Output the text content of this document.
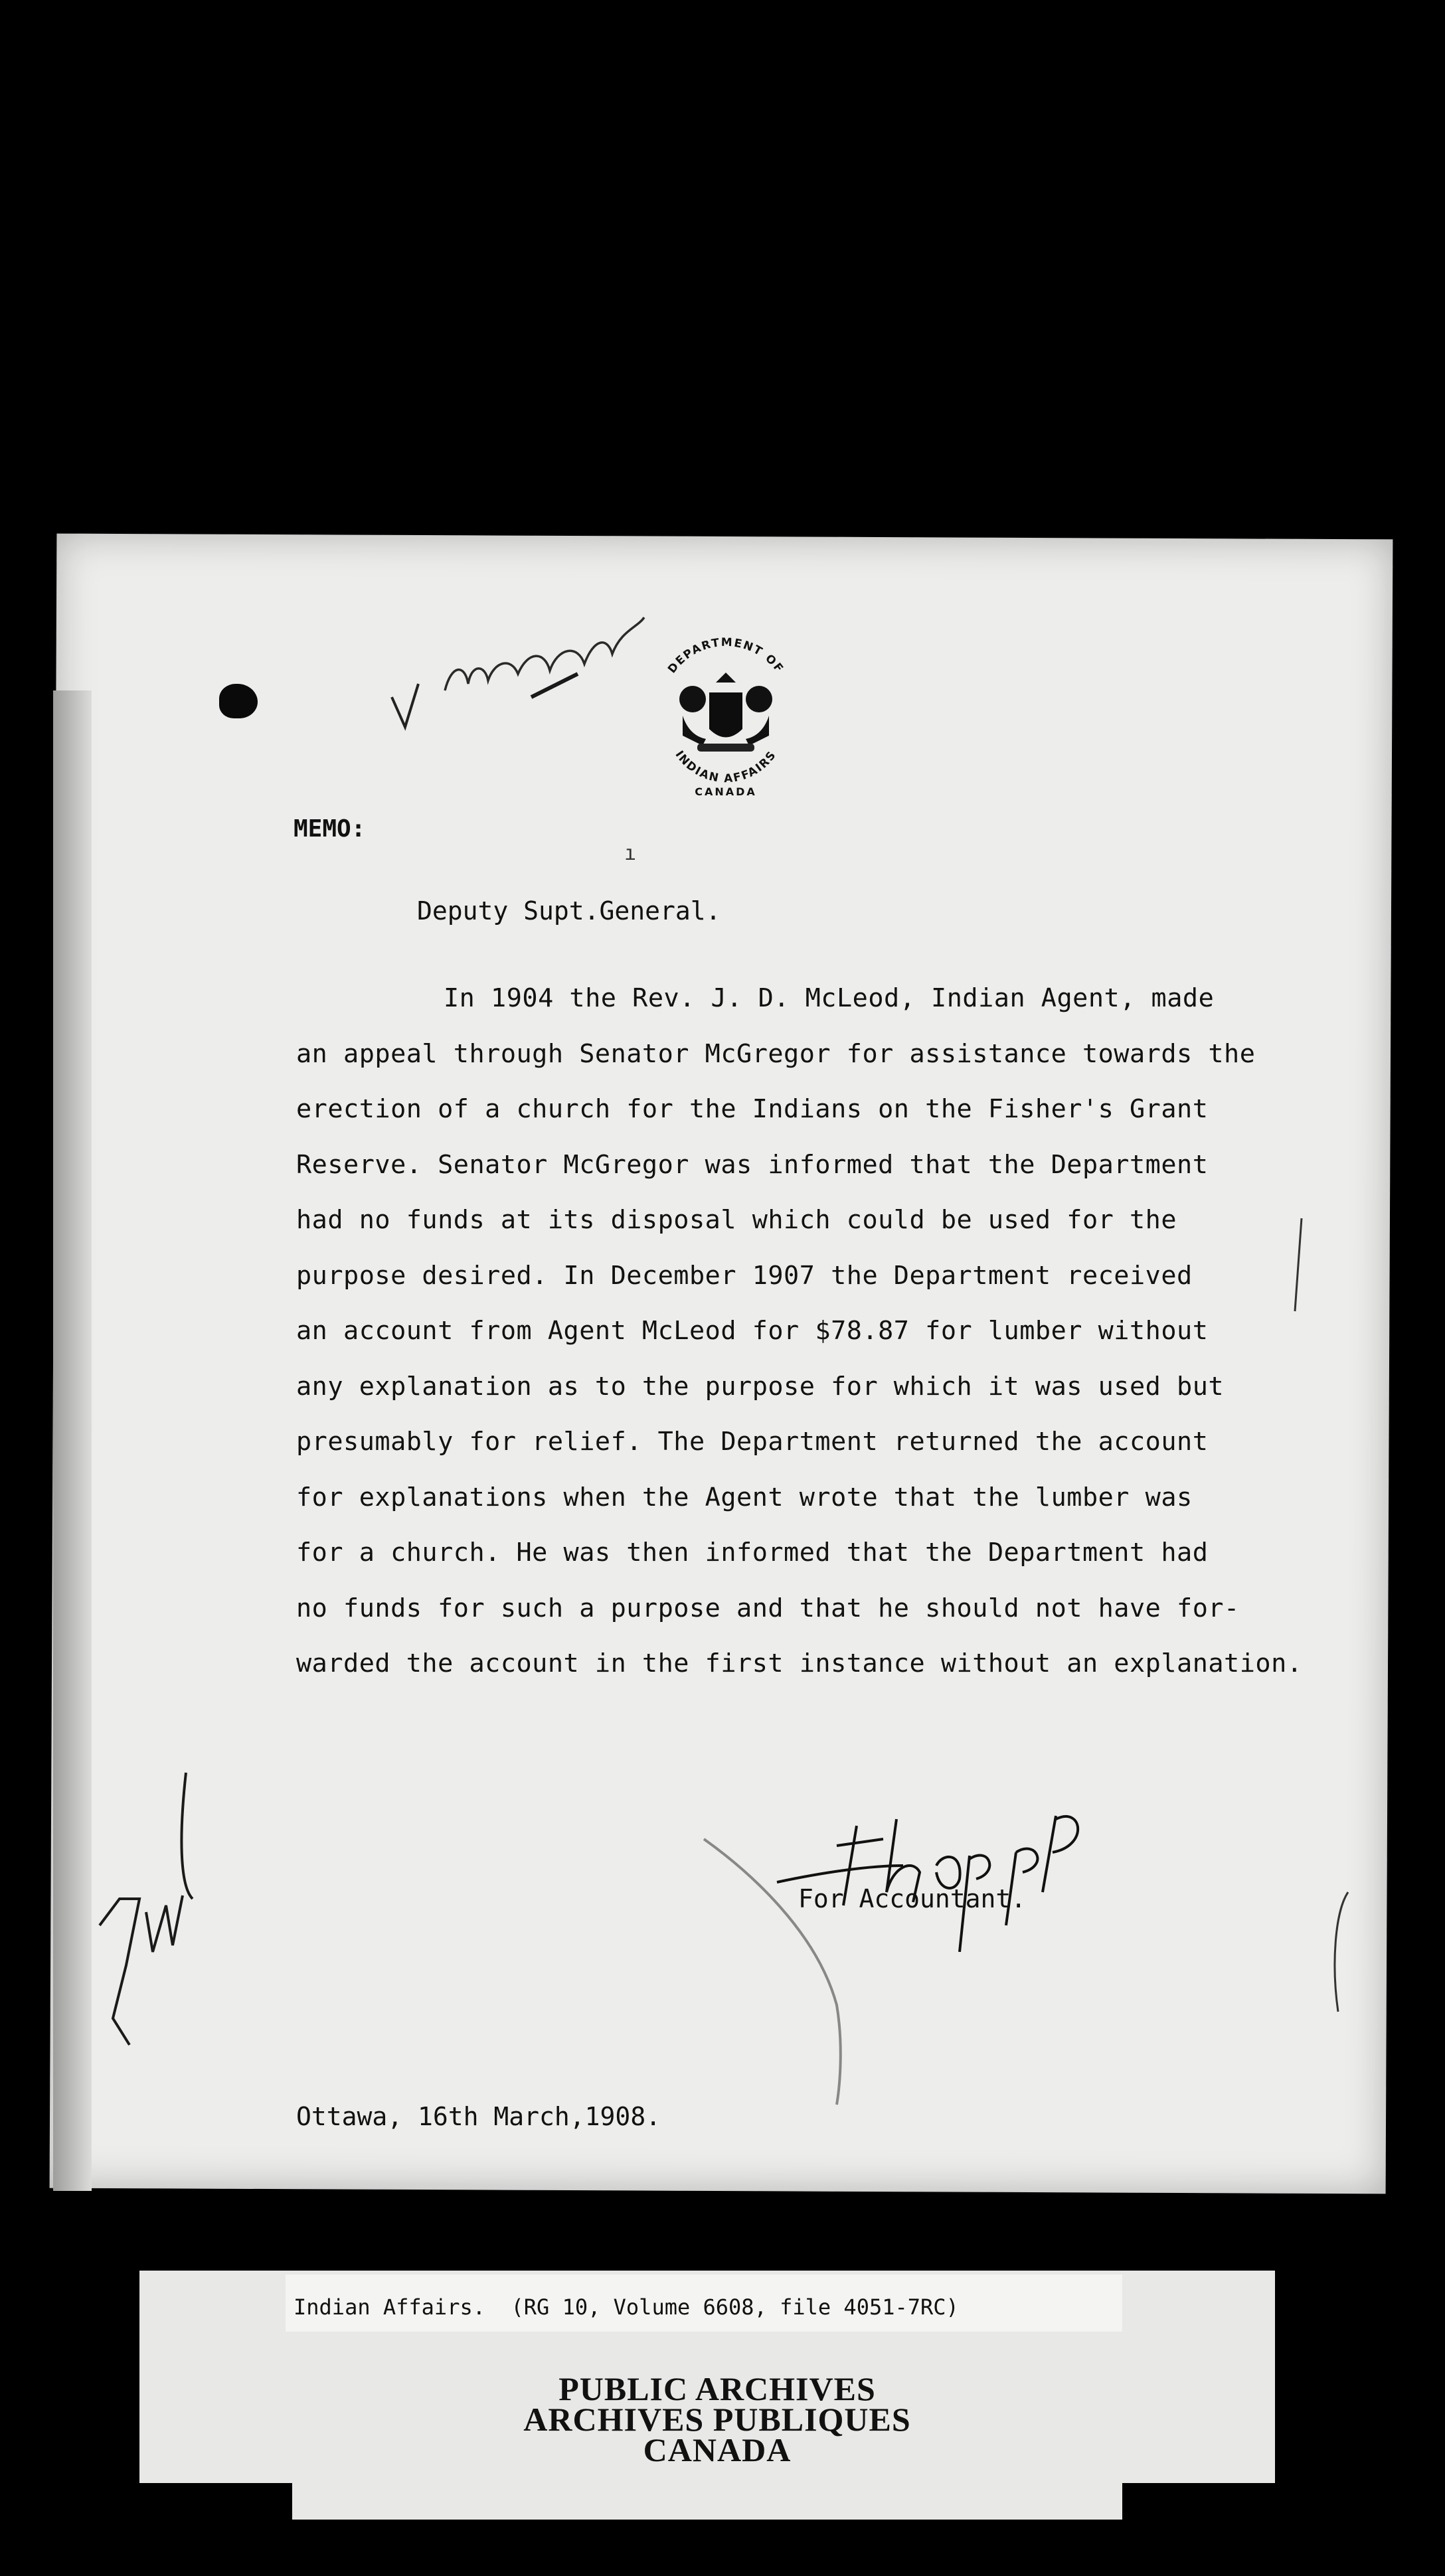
DEPARTMENT OF
INDIAN AFFAIRS
CANADA
MEMO:
ı
Deputy Supt.General.
In 1904 the Rev. J. D. McLeod, Indian Agent, made
an appeal through Senator McGregor for assistance towards the
erection of a church for the Indians on the Fisher's Grant
Reserve. Senator McGregor was informed that the Department
had no funds at its disposal which could be used for the
purpose desired. In December 1907 the Department received
an account from Agent McLeod for $78.87 for lumber without
any explanation as to the purpose for which it was used but
presumably for relief. The Department returned the account
for explanations when the Agent wrote that the lumber was
for a church. He was then informed that the Department had
no funds for such a purpose and that he should not have for-
warded the account in the first instance without an explanation.
For Accountant.
Ottawa, 16th March,1908.
Indian Affairs.  (RG 10, Volume 6608, file 4051-7RC)
PUBLIC ARCHIVES
ARCHIVES PUBLIQUES
CANADA
